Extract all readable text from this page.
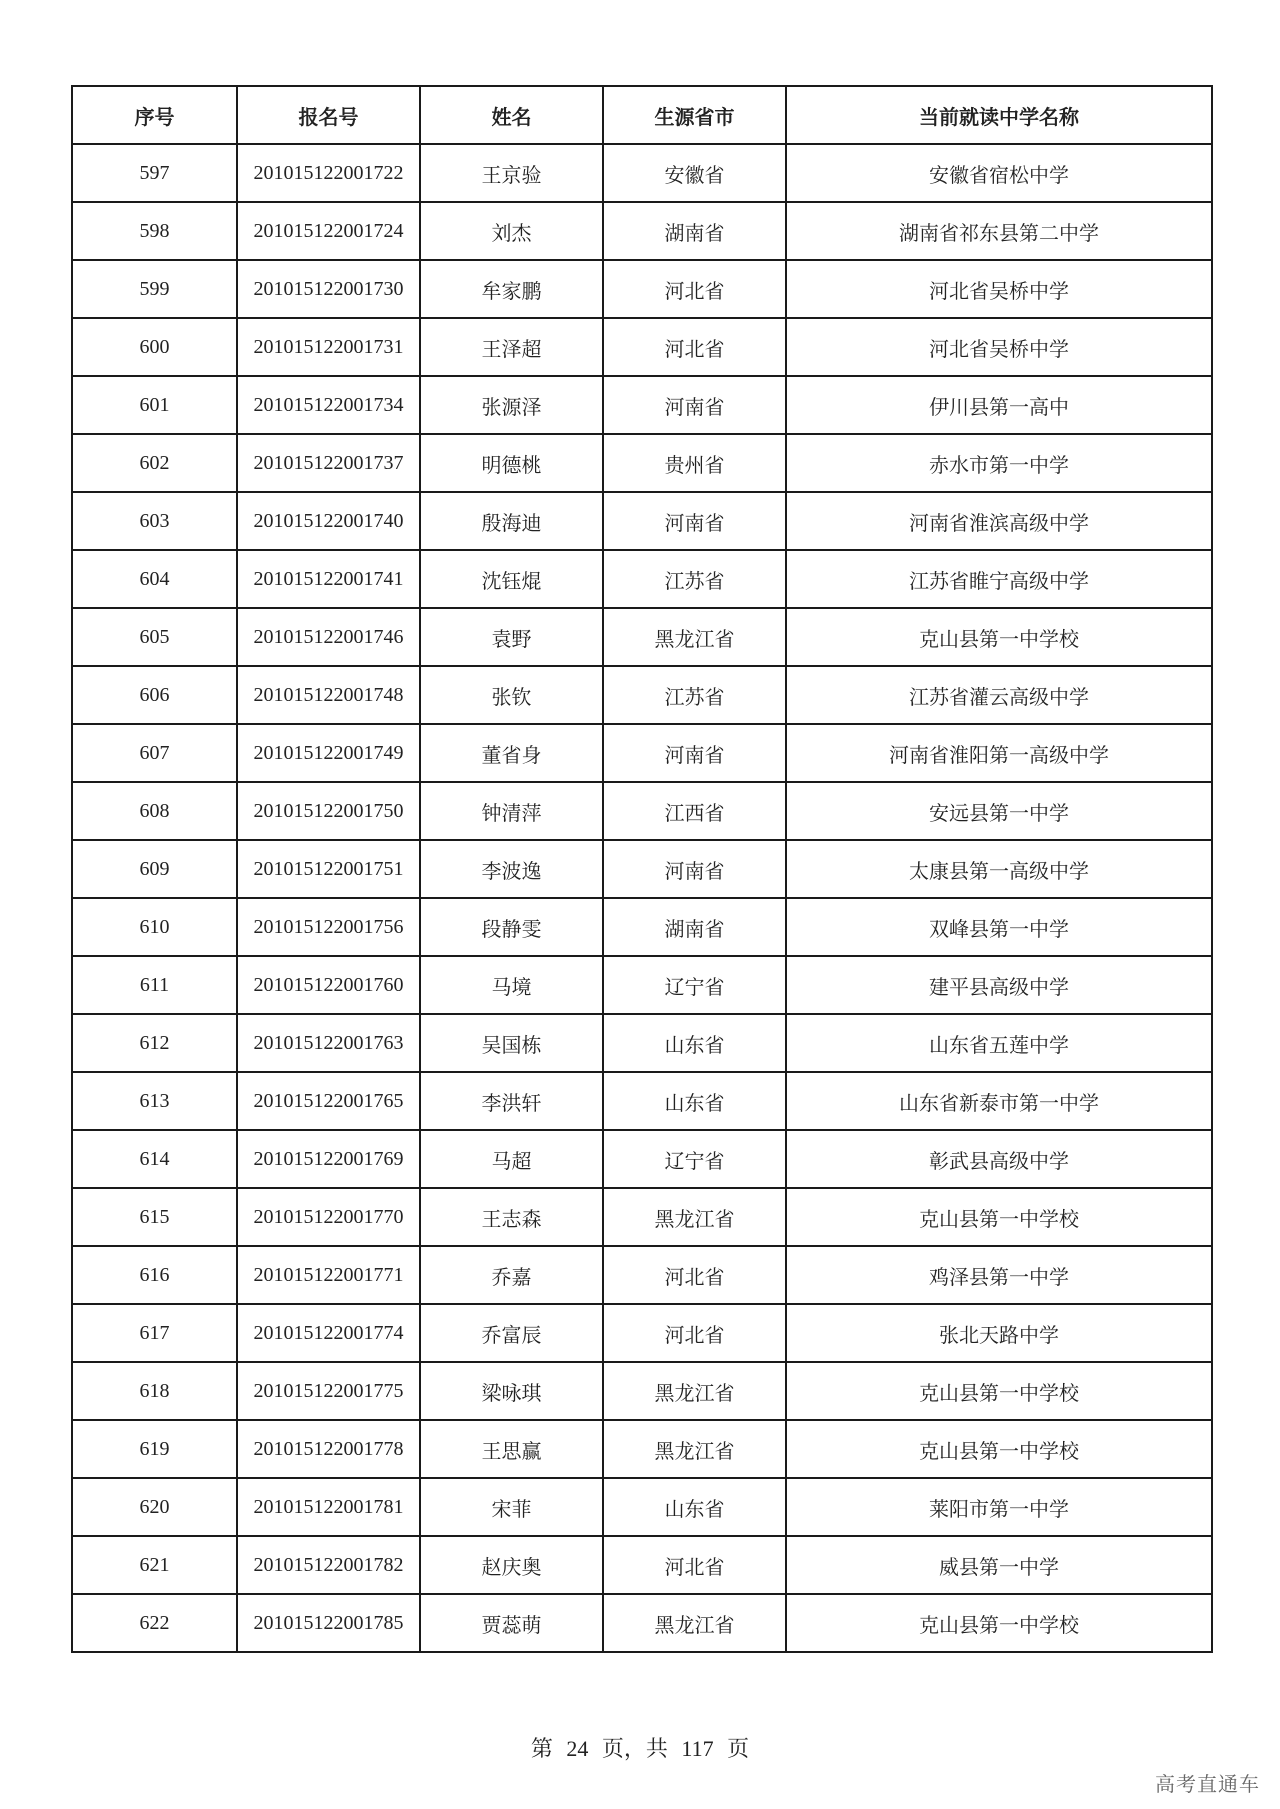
序号	报名号	姓名	生源省市	当前就读中学名称
597	201015122001722	王京验	安徽省	安徽省宿松中学
598	201015122001724	刘杰	湖南省	湖南省祁东县第二中学
599	201015122001730	牟家鹏	河北省	河北省吴桥中学
600	201015122001731	王泽超	河北省	河北省吴桥中学
601	201015122001734	张源泽	河南省	伊川县第一高中
602	201015122001737	明德桃	贵州省	赤水市第一中学
603	201015122001740	殷海迪	河南省	河南省淮滨高级中学
604	201015122001741	沈钰焜	江苏省	江苏省睢宁高级中学
605	201015122001746	袁野	黑龙江省	克山县第一中学校
606	201015122001748	张钦	江苏省	江苏省灌云高级中学
607	201015122001749	董省身	河南省	河南省淮阳第一高级中学
608	201015122001750	钟清萍	江西省	安远县第一中学
609	201015122001751	李波逸	河南省	太康县第一高级中学
610	201015122001756	段静雯	湖南省	双峰县第一中学
611	201015122001760	马境	辽宁省	建平县高级中学
612	201015122001763	吴国栋	山东省	山东省五莲中学
613	201015122001765	李洪轩	山东省	山东省新泰市第一中学
614	201015122001769	马超	辽宁省	彰武县高级中学
615	201015122001770	王志森	黑龙江省	克山县第一中学校
616	201015122001771	乔嘉	河北省	鸡泽县第一中学
617	201015122001774	乔富辰	河北省	张北天路中学
618	201015122001775	梁咏琪	黑龙江省	克山县第一中学校
619	201015122001778	王思赢	黑龙江省	克山县第一中学校
620	201015122001781	宋菲	山东省	莱阳市第一中学
621	201015122001782	赵庆奥	河北省	威县第一中学
622	201015122001785	贾蕊萌	黑龙江省	克山县第一中学校
第 24 页，共 117 页
高考直通车
